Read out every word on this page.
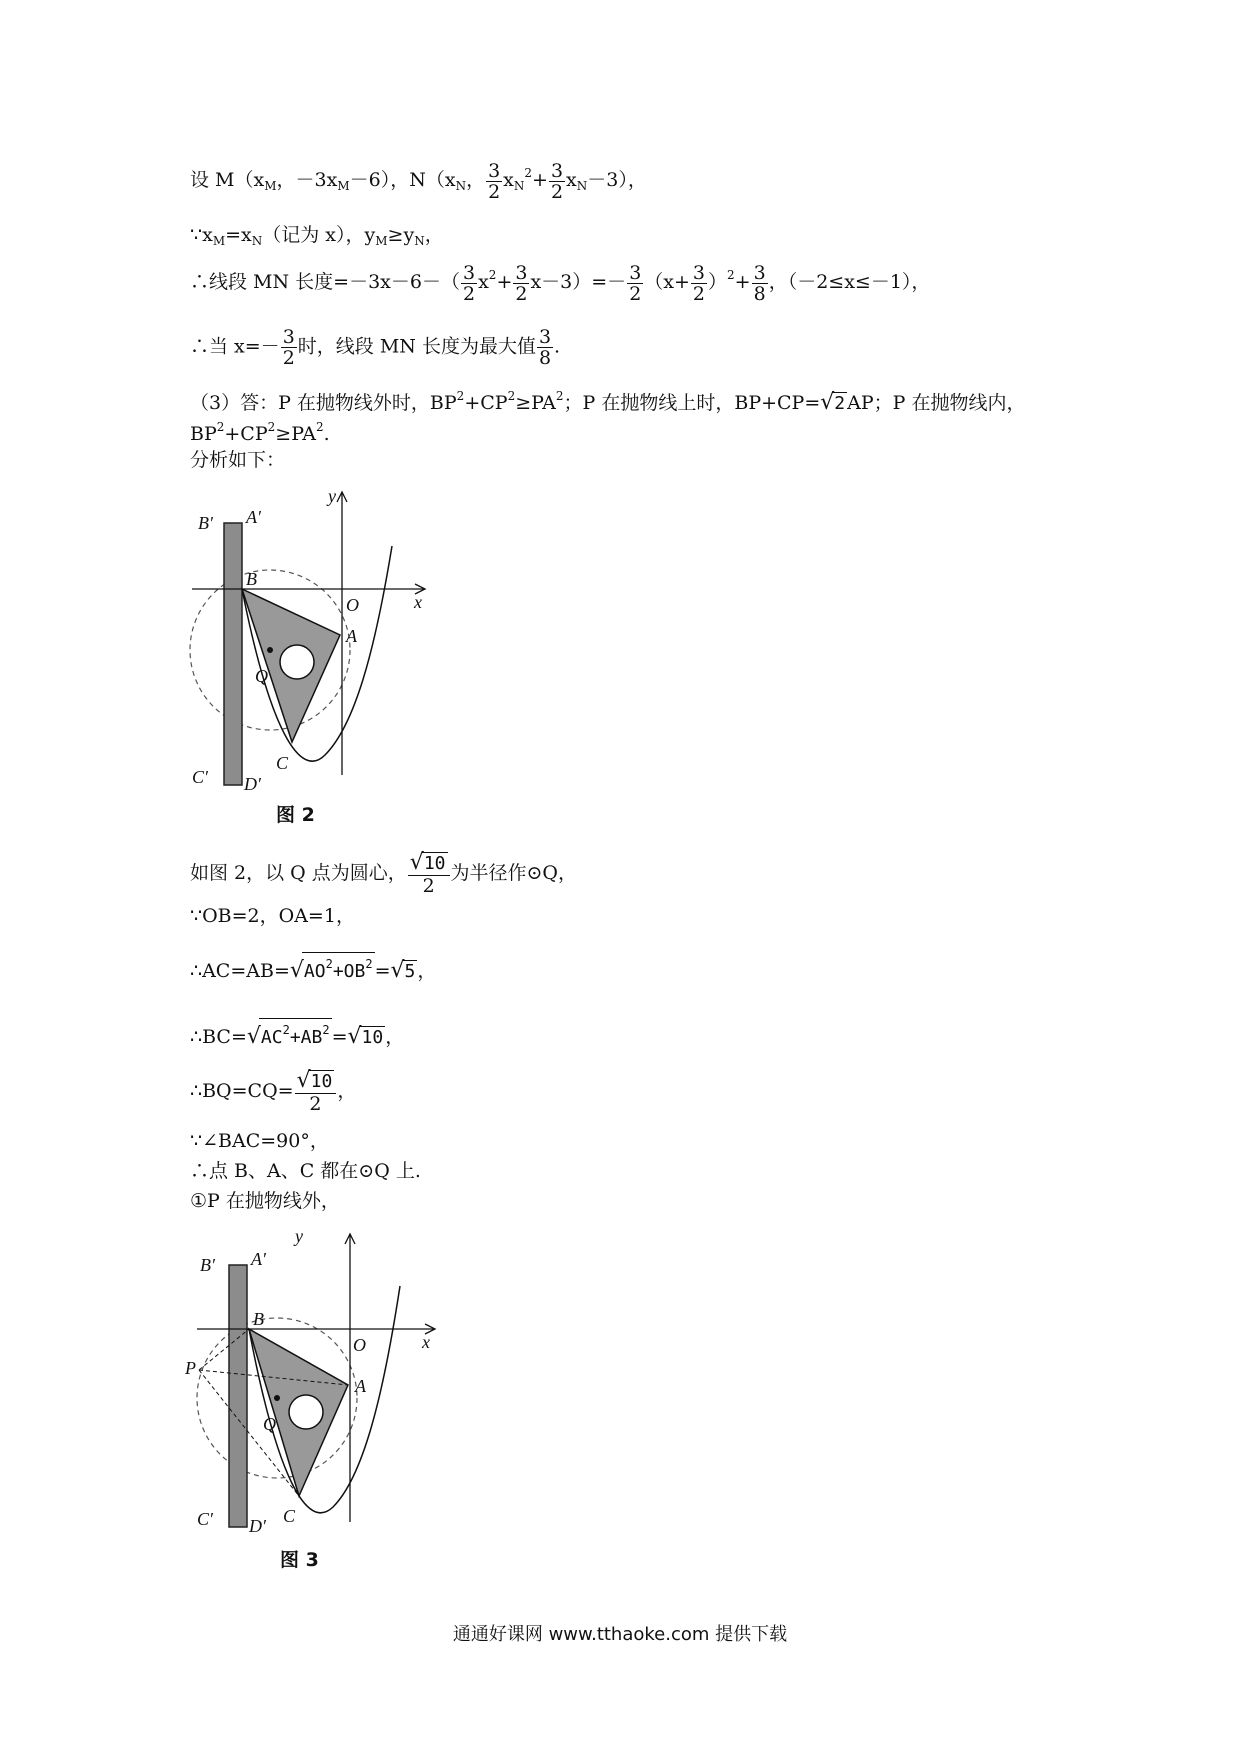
设 $M(x_M$，$-3x_M-6$），$N(x_N$， $\frac{3}{2} x_N^2+ \frac{3}{2} x_N-3$），
$\because x_M=x_N$（记为 x），$y_M\ge y_N$，
∴线段 MN 长度$=-3x-6-( \frac{3}{2} x^2+ \frac{3}{2} x-3)=- \frac{3}{2} (x+ \frac{3}{2} )^2+ \frac{3}{8}$ ，（－2≤x≤－1），
∴当 $x=- \frac{3}{2}$ 时，线段 MN 长度为最大值 $\frac{3}{8}$ .
（3）答：P 在抛物线外时，$BP^2+CP^2\ge PA^2$；P 在抛物线上时，BP+CP=√2 AP；P 在抛物线内，
$BP^2+CP^2\ge PA^2$.
分析如下：
y
x
O
A
B
C
Q
B′ A′
C′ D′
图 2
如图 2，以 Q 点为圆心， $\frac{√10}{2}$ 为半径作⊙Q，
∵OB=2，OA=1，
$\therefore AC=AB=√AO^2+OB^2 =√5$ ，
$\therefore BC=√AC^2+AB^2 =√10$ ，
∴BQ=CQ= $\frac{√10}{2}$ ，
∵∠BAC=90°，
∴点 B、A、C 都在⊙Q 上.
①P 在抛物线外，
y
x
O
A
B
C
Q
P
B′ A′
C′ D′
图 3
通通好课网 www.tthaoke.com 提供下载
